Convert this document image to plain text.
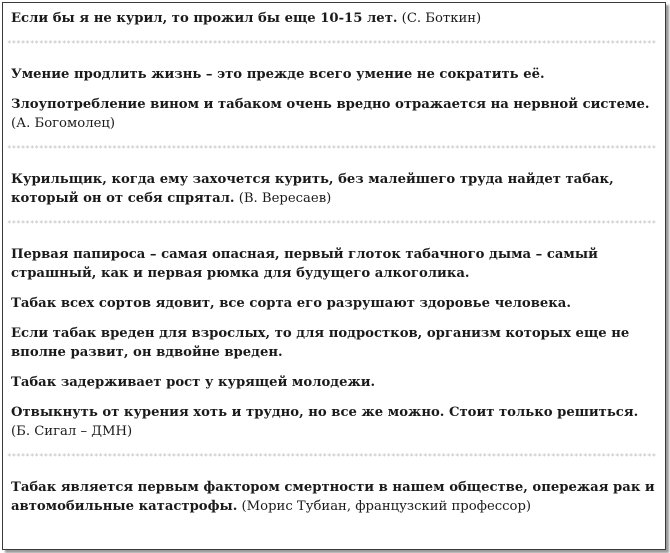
Если бы я не курил, то прожил бы еще 10-15 лет. (С. Боткин)

**********************************************************************************************************************************************

Умение продлить жизнь – это прежде всего умение не сократить её.

Злоупотребление вином и табаком очень вредно отражается на нервной системе. (А. Богомолец)

**********************************************************************************************************************************************

Курильщик, когда ему захочется курить, без малейшего труда найдет табак, который он от себя спрятал. (В. Вересаев)

**********************************************************************************************************************************************

Первая папироса – самая опасная, первый глоток табачного дыма – самый страшный, как и первая рюмка для будущего алкоголика.

Табак всех сортов ядовит, все сорта его разрушают здоровье человека.

Если табак вреден для взрослых, то для подростков, организм которых еще не вполне развит, он вдвойне вреден.

Табак задерживает рост у курящей молодежи.

Отвыкнуть от курения хоть и трудно, но все же можно. Стоит только решиться. (Б. Сигал – ДМН)

**********************************************************************************************************************************************

Табак является первым фактором смертности в нашем обществе, опережая рак и автомобильные катастрофы. (Морис Тубиан, французский профессор)
